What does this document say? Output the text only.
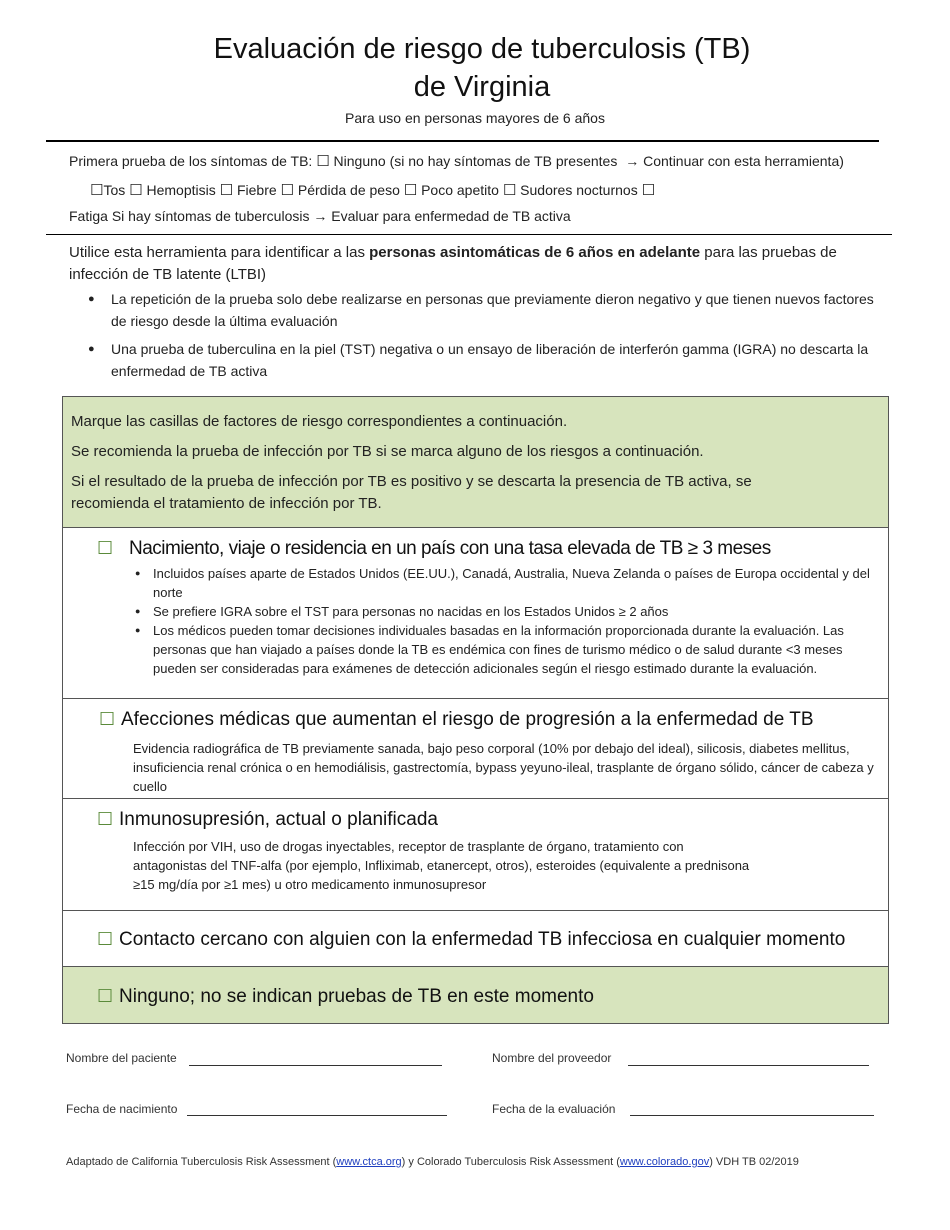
Evaluación de riesgo de tuberculosis (TB)
de Virginia
Para uso en personas mayores de 6 años
Primera prueba de los síntomas de TB: ☐ Ninguno (si no hay síntomas de TB presentes → Continuar con esta herramienta)
☐Tos ☐ Hemoptisis ☐ Fiebre ☐ Pérdida de peso ☐ Poco apetito ☐ Sudores nocturnos ☐
Fatiga Si hay síntomas de tuberculosis → Evaluar para enfermedad de TB activa
Utilice esta herramienta para identificar a las personas asintomáticas de 6 años en adelante para las pruebas de infección de TB latente (LTBI)
● La repetición de la prueba solo debe realizarse en personas que previamente dieron negativo y que tienen nuevos factores de riesgo desde la última evaluación
● Una prueba de tuberculina en la piel (TST) negativa o un ensayo de liberación de interferón gamma (IGRA) no descarta la enfermedad de TB activa

Marque las casillas de factores de riesgo correspondientes a continuación.

Se recomienda la prueba de infección por TB si se marca alguno de los riesgos a continuación.

Si el resultado de la prueba de infección por TB es positivo y se descarta la presencia de TB activa, se recomienda el tratamiento de infección por TB.

☐ Nacimiento, viaje o residencia en un país con una tasa elevada de TB ≥ 3 meses
● Incluidos países aparte de Estados Unidos (EE.UU.), Canadá, Australia, Nueva Zelanda o países de Europa occidental y del norte
● Se prefiere IGRA sobre el TST para personas no nacidas en los Estados Unidos ≥ 2 años
● Los médicos pueden tomar decisiones individuales basadas en la información proporcionada durante la evaluación. Las personas que han viajado a países donde la TB es endémica con fines de turismo médico o de salud durante <3 meses pueden ser consideradas para exámenes de detección adicionales según el riesgo estimado durante la evaluación.
☐ Afecciones médicas que aumentan el riesgo de progresión a la enfermedad de TB
Evidencia radiográfica de TB previamente sanada, bajo peso corporal (10% por debajo del ideal), silicosis, diabetes mellitus, insuficiencia renal crónica o en hemodiálisis, gastrectomía, bypass yeyuno-ileal, trasplante de órgano sólido, cáncer de cabeza y cuello
☐ Inmunosupresión, actual o planificada
Infección por VIH, uso de drogas inyectables, receptor de trasplante de órgano, tratamiento con antagonistas del TNF-alfa (por ejemplo, Infliximab, etanercept, otros), esteroides (equivalente a prednisona ≥15 mg/día por ≥1 mes) u otro medicamento inmunosupresor
☐ Contacto cercano con alguien con la enfermedad TB infecciosa en cualquier momento
☐ Ninguno; no se indican pruebas de TB en este momento
Nombre del paciente	Nombre del proveedor
Fecha de nacimiento	Fecha de la evaluación
Adaptado de California Tuberculosis Risk Assessment (www.ctca.org) y Colorado Tuberculosis Risk Assessment (www.colorado.gov) VDH TB 02/2019
